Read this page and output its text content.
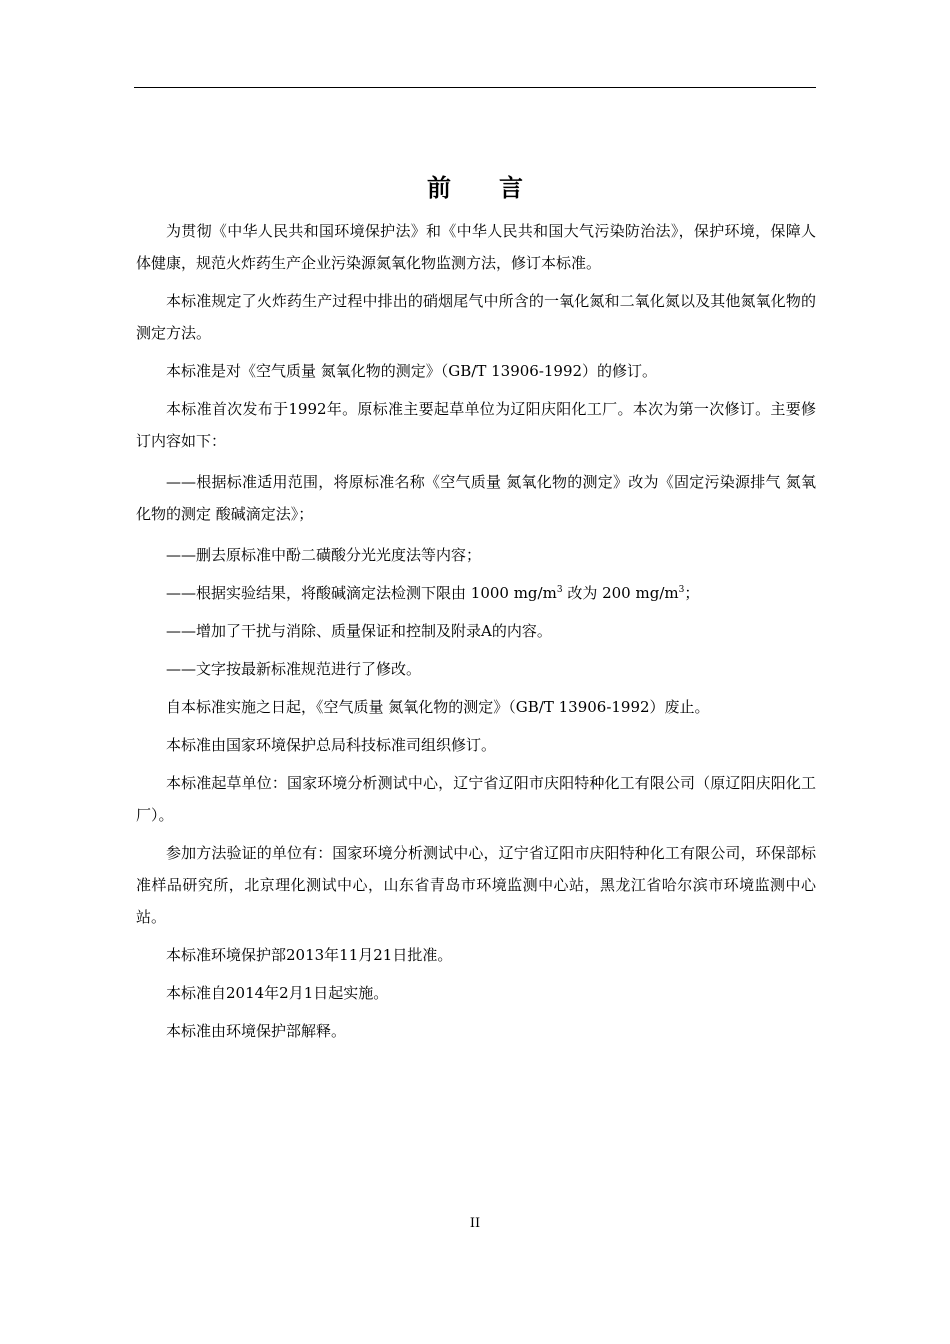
前言

为贯彻《中华人民共和国环境保护法》和《中华人民共和国大气污染防治法》，保护环境，保障人体健康，规范火炸药生产企业污染源氮氧化物监测方法，修订本标准。

本标准规定了火炸药生产过程中排出的硝烟尾气中所含的一氧化氮和二氧化氮以及其他氮氧化物的测定方法。

本标准是对《空气质量 氮氧化物的测定》（GB/T 13906-1992）的修订。

本标准首次发布于1992年。原标准主要起草单位为辽阳庆阳化工厂。本次为第一次修订。主要修订内容如下：

——根据标准适用范围，将原标准名称《空气质量 氮氧化物的测定》改为《固定污染源排气 氮氧化物的测定 酸碱滴定法》；

——删去原标准中酚二磺酸分光光度法等内容；

——根据实验结果，将酸碱滴定法检测下限由 1000 $mg/m^3$ 改为 200 $mg/m^3$；

——增加了干扰与消除、质量保证和控制及附录A的内容。

——文字按最新标准规范进行了修改。

自本标准实施之日起，《空气质量 氮氧化物的测定》（GB/T 13906-1992）废止。

本标准由国家环境保护总局科技标准司组织修订。

本标准起草单位：国家环境分析测试中心，辽宁省辽阳市庆阳特种化工有限公司（原辽阳庆阳化工厂）。

参加方法验证的单位有：国家环境分析测试中心，辽宁省辽阳市庆阳特种化工有限公司，环保部标准样品研究所，北京理化测试中心，山东省青岛市环境监测中心站，黑龙江省哈尔滨市环境监测中心站。

本标准环境保护部2013年11月21日批准。

本标准自2014年2月1日起实施。

本标准由环境保护部解释。

II
